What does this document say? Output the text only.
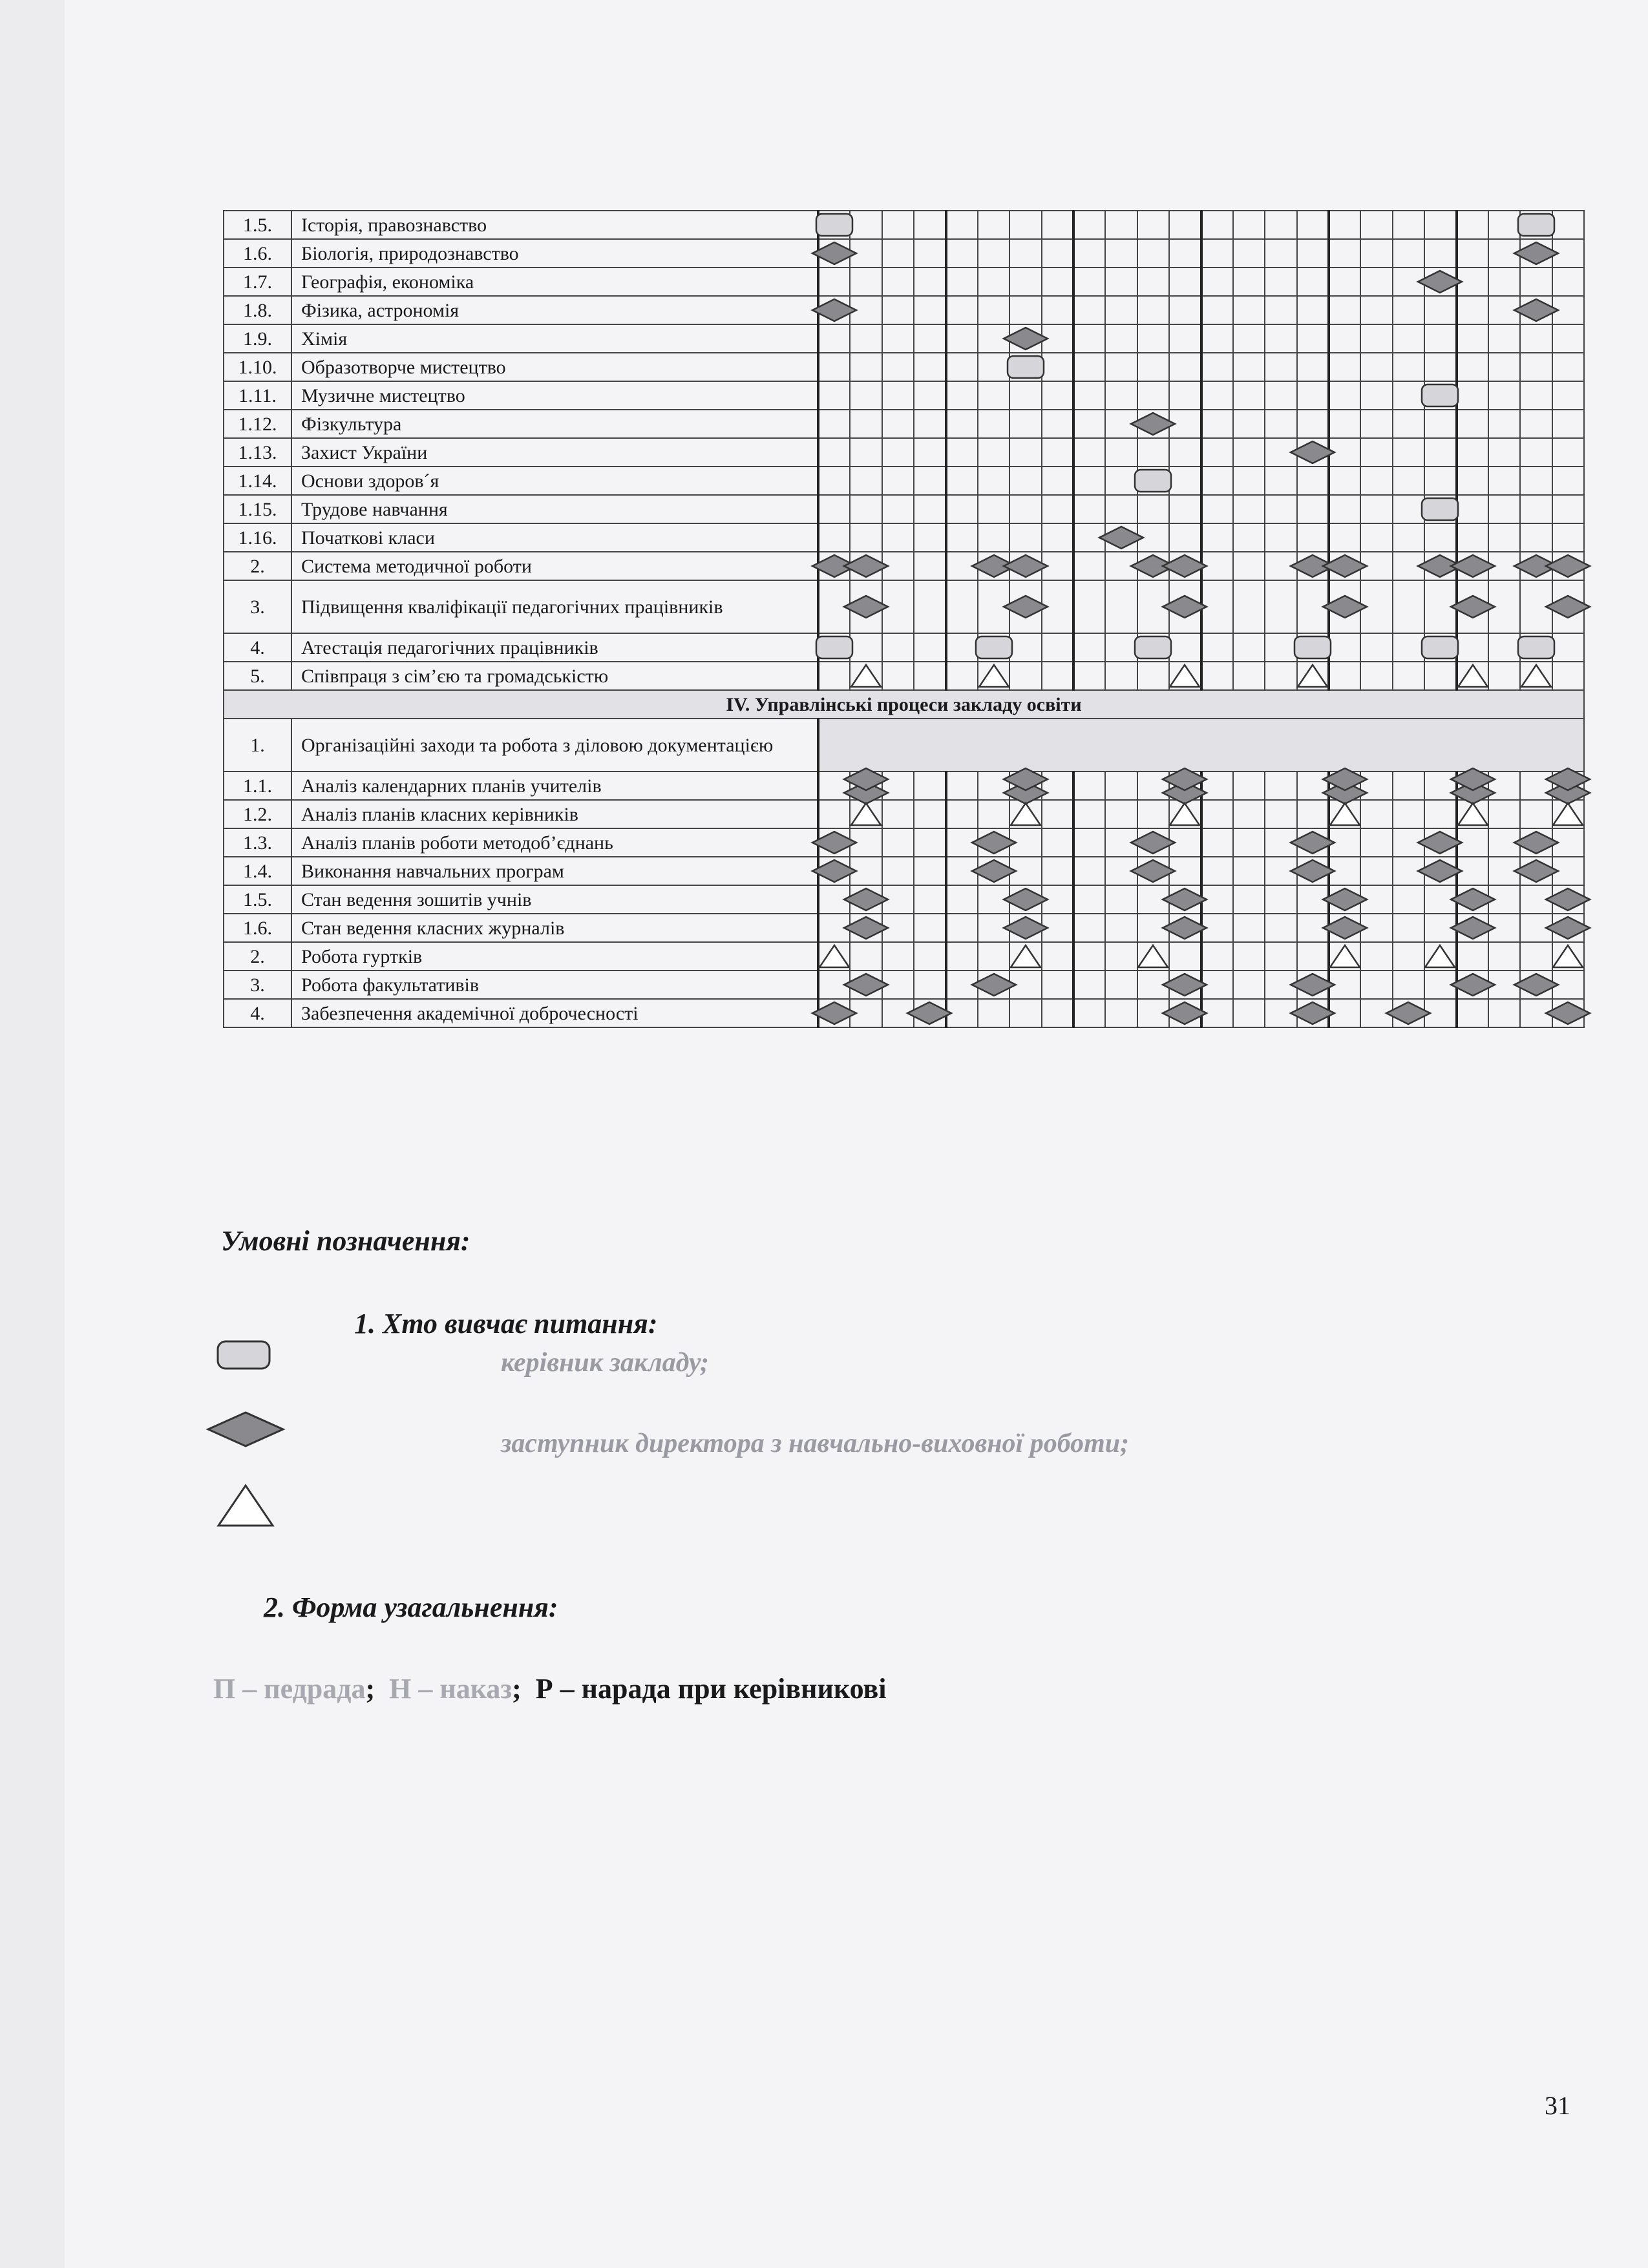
1.5.	Історія, правознавство	

1.6.	Біологія, природознавство	

1.7.	Географія, економіка																				

1.8.	Фізика, астрономія	

1.9.	Хімія							

1.10.	Образотворче мистецтво							

1.11.	Музичне мистецтво																				

1.12.	Фізкультура											

1.13.	Захист України																

1.14.	Основи здоров´я											

1.15.	Трудове навчання																				

1.16.	Початкові класи										

2.	Система методичної роботи	

3.	Підвищення кваліфікації педагогічних працівників		

4.	Атестація педагогічних працівників	

5.	Співпраця з сім’єю та громадськістю		

IV. Управлінські процеси закладу освіти																									
1.	Організаційні заходи та робота з діловою документацією																								
1.1.	Аналіз календарних планів учителів		

1.2.	Аналіз планів класних керівників		

1.3.	Аналіз планів роботи методоб’єднань	

1.4.	Виконання навчальних програм	

1.5.	Стан ведення зошитів учнів		

1.6.	Стан ведення класних журналів		

2.	Робота гуртків	

3.	Робота факультативів		

4.	Забезпечення академічної доброчесності	

Умовні позначення:
1. Хто вивчає питання:
керівник закладу;
заступник директора з навчально-виховної роботи;
2. Форма узагальнення:
П – педрада;  Н – наказ;  Р – нарада при керівникові
31
